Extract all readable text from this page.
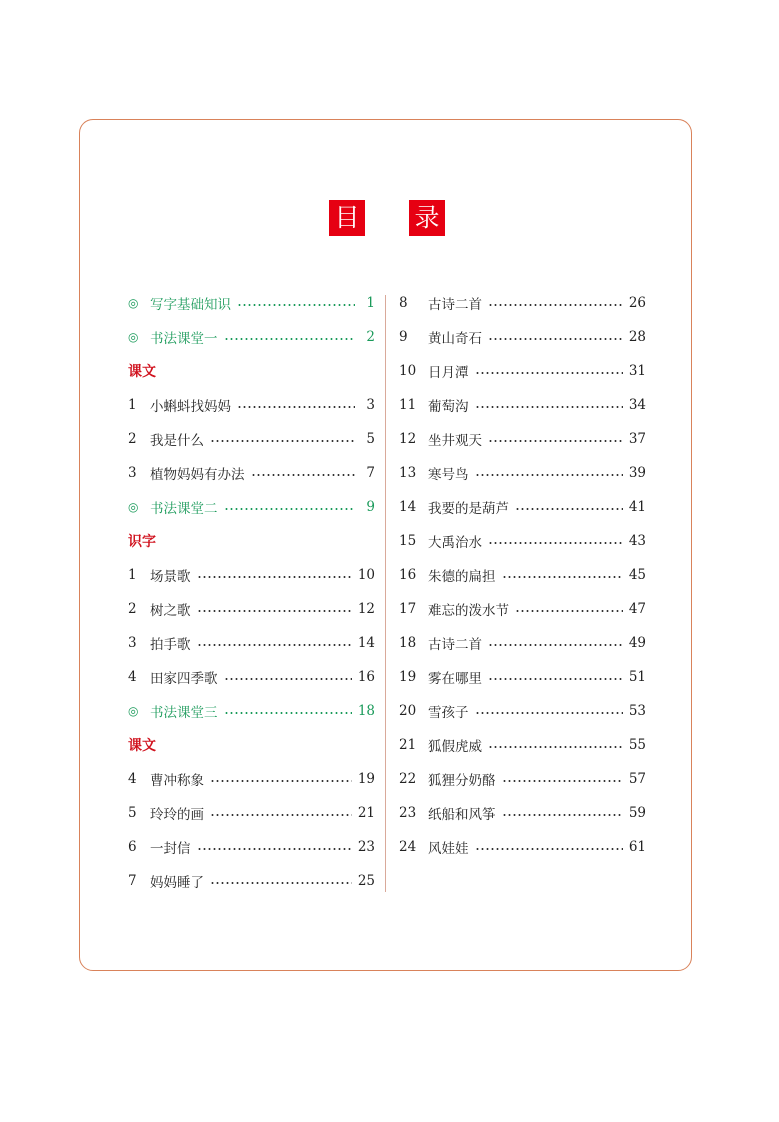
目 录
◎ 写字基础知识	1
◎ 书法课堂一	2
课文
1 小蝌蚪找妈妈	3
2 我是什么	5
3 植物妈妈有办法	7
◎ 书法课堂二	9
识字
1 场景歌	10
2 树之歌	12
3 拍手歌	14
4 田家四季歌	16
◎ 书法课堂三	18
课文
4 曹冲称象	19
5 玲玲的画	21
6 一封信	23
7 妈妈睡了	25
8	古诗二首	26
9	黄山奇石	28
10 日月潭	31
11 葡萄沟	34
12 坐井观天	37
13 寒号鸟	39
14 我要的是葫芦	41
15 大禹治水	43
16 朱德的扁担	45
17 难忘的泼水节	47
18 古诗二首	49
19 雾在哪里	51
20 雪孩子	53
21 狐假虎威	55
22 狐狸分奶酪	57
23 纸船和风筝	59
24 风娃娃	61
